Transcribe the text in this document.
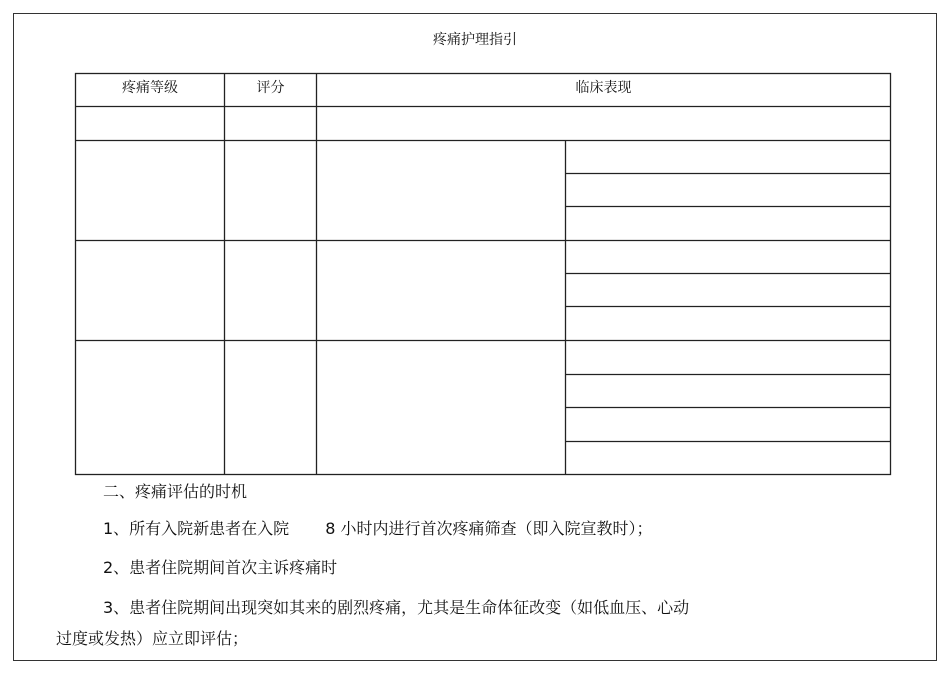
疼痛护理指引
疼痛等级	评分	临床表现
二、疼痛评估的时机
1、所有入院新患者在入院 8 小时内进行首次疼痛筛查（即入院宣教时）；
2、患者住院期间首次主诉疼痛时
3、患者住院期间出现突如其来的剧烈疼痛，尤其是生命体征改变（如低血压、心动
过度或发热）应立即评估；
